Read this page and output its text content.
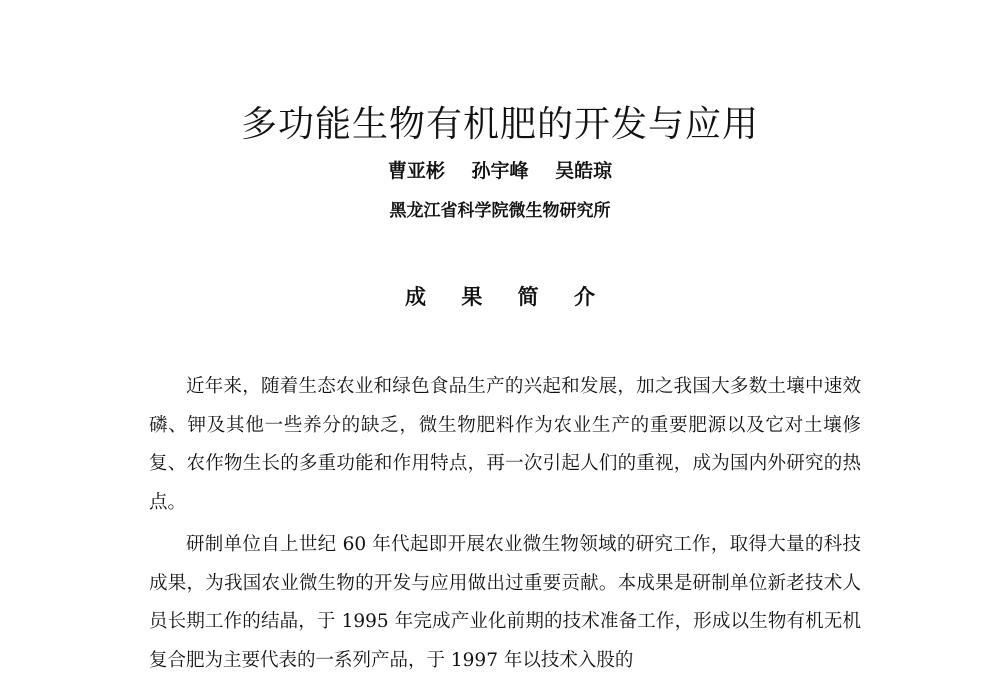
多功能生物有机肥的开发与应用
曹亚彬 孙宇峰 吴皓琼
黑龙江省科学院微生物研究所
成 果 简 介

近年来，随着生态农业和绿色食品生产的兴起和发展，加之我国大多数土壤中速效磷、钾及其他一些养分的缺乏，微生物肥料作为农业生产的重要肥源以及它对土壤修复、农作物生长的多重功能和作用特点，再一次引起人们的重视，成为国内外研究的热点。

研制单位自上世纪 60 年代起即开展农业微生物领域的研究工作，取得大量的科技成果，为我国农业微生物的开发与应用做出过重要贡献。本成果是研制单位新老技术人员长期工作的结晶，于 1995 年完成产业化前期的技术准备工作，形成以生物有机无机复合肥为主要代表的一系列产品，于 1997 年以技术入股的
